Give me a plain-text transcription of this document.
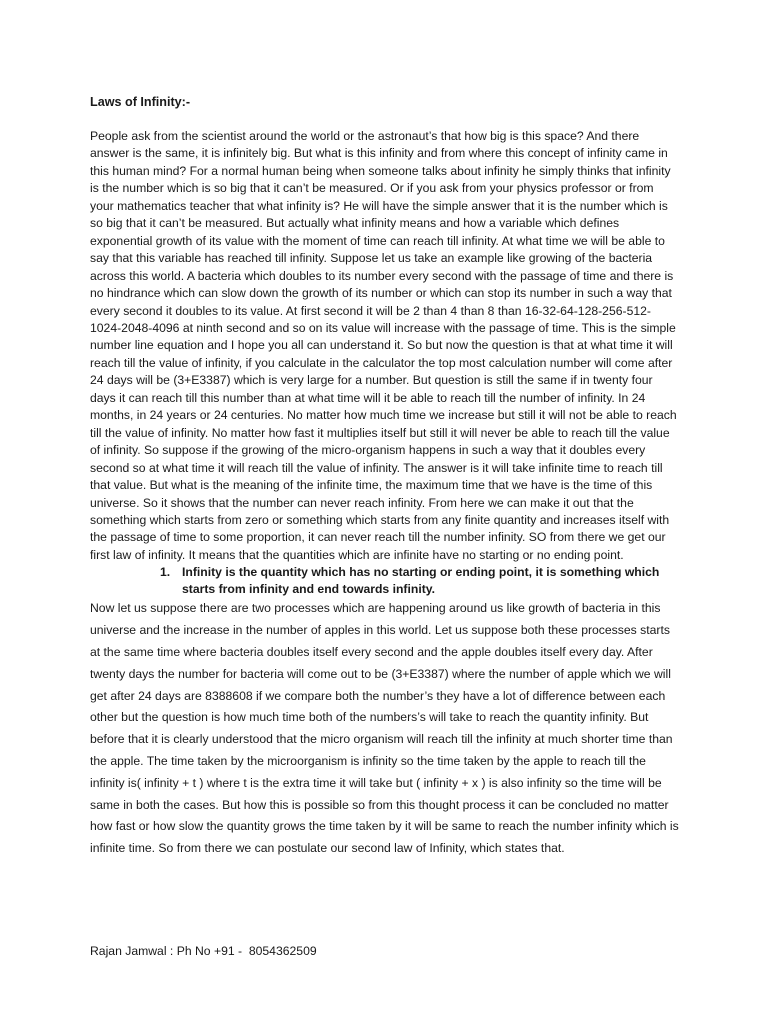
Laws of Infinity:-

People ask from the scientist around the world or the astronaut’s that how big is this space? And there answer is the same, it is infinitely big. But what is this infinity and from where this concept of infinity came in this human mind? For a normal human being when someone talks about infinity he simply thinks that infinity is the number which is so big that it can’t be measured. Or if you ask from your physics professor or from your mathematics teacher that what infinity is? He will have the simple answer that it is the number which is so big that it can’t be measured. But actually what infinity means and how a variable which defines exponential growth of its value with the moment of time can reach till infinity. At what time we will be able to say that this variable has reached till infinity. Suppose let us take an example like growing of the bacteria across this world. A bacteria which doubles to its number every second with the passage of time and there is no hindrance which can slow down the growth of its number or which can stop its number in such a way that every second it doubles to its value. At first second it will be 2 than 4 than 8 than 16-32-64-128-256-512-1024-2048-4096 at ninth second and so on its value will increase with the passage of time. This is the simple number line equation and I hope you all can understand it. So but now the question is that at what time it will reach till the value of infinity, if you calculate in the calculator the top most calculation number will come after 24 days will be (3+E3387) which is very large for a number. But question is still the same if in twenty four days it can reach till this number than at what time will it be able to reach till the number of infinity. In 24 months, in 24 years or 24 centuries. No matter how much time we increase but still it will not be able to reach till the value of infinity. No matter how fast it multiplies itself but still it will never be able to reach till the value of infinity. So suppose if the growing of the micro-organism happens in such a way that it doubles every second so at what time it will reach till the value of infinity. The answer is it will take infinite time to reach till that value. But what is the meaning of the infinite time, the maximum time that we have is the time of this universe. So it shows that the number can never reach infinity. From here we can make it out that the something which starts from zero or something which starts from any finite quantity and increases itself with the passage of time to some proportion, it can never reach till the number infinity. SO from there we get our first law of infinity. It means that the quantities which are infinite have no starting or no ending point.

1. Infinity is the quantity which has no starting or ending point, it is something which starts from infinity and end towards infinity.

Now let us suppose there are two processes which are happening around us like growth of bacteria in this universe and the increase in the number of apples in this world. Let us suppose both these processes starts at the same time where bacteria doubles itself every second and the apple doubles itself every day. After twenty days the number for bacteria will come out to be (3+E3387) where the number of apple which we will get after 24 days are 8388608 if we compare both the number’s they have a lot of difference between each other but the question is how much time both of the numbers’s will take to reach the quantity infinity. But before that it is clearly understood that the micro organism will reach till the infinity at much shorter time than the apple. The time taken by the microorganism is infinity so the time taken by the apple to reach till the infinity is( infinity + t ) where t is the extra time it will take but ( infinity + x ) is also infinity so the time will be same in both the cases. But how this is possible so from this thought process it can be concluded no matter how fast or how slow the quantity grows the time taken by it will be same to reach the number infinity which is infinite time. So from there we can postulate our second law of Infinity, which states that.

Rajan Jamwal : Ph No +91 -  8054362509
